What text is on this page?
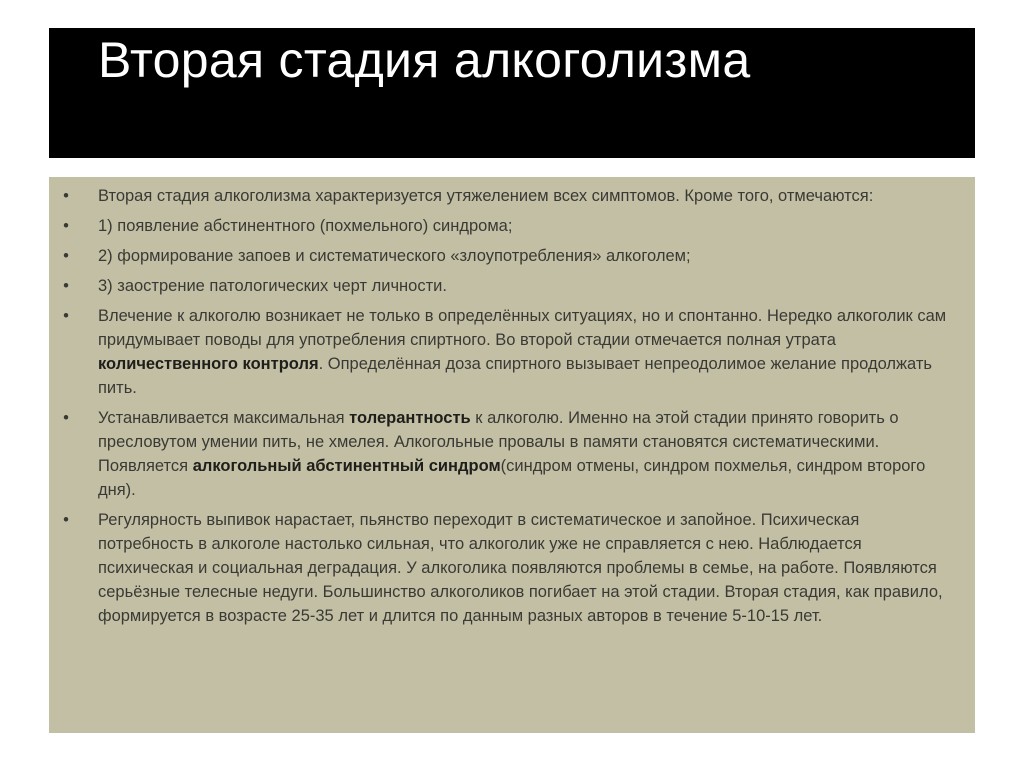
Вторая стадия алкоголизма
• Вторая стадия алкоголизма характеризуется утяжелением всех симптомов. Кроме того, отмечаются:
• 1) появление абстинентного (похмельного) синдрома;
• 2) формирование запоев и систематического «злоупотребления» алкоголем;
• 3) заострение патологических черт личности.
• Влечение к алкоголю возникает не только в определённых ситуациях, но и спонтанно. Нередко алкоголик сам придумывает поводы для употребления спиртного. Во второй стадии отмечается полная утрата количественного контроля. Определённая доза спиртного вызывает непреодолимое желание продолжать пить.
• Устанавливается максимальная толерантность к алкоголю. Именно на этой стадии принято говорить о пресловутом умении пить, не хмелея. Алкогольные провалы в памяти становятся систематическими. Появляется алкогольный абстинентный синдром(синдром отмены, синдром похмелья, синдром второго дня).
• Регулярность выпивок нарастает, пьянство переходит в систематическое и запойное. Психическая потребность в алкоголе настолько сильная, что алкоголик уже не справляется с нею. Наблюдается психическая и социальная деградация. У алкоголика появляются проблемы в семье, на работе. Появляются серьёзные телесные недуги. Большинство алкоголиков погибает на этой стадии. Вторая стадия, как правило, формируется в возрасте 25-35 лет и длится по данным разных авторов в течение 5-10-15 лет.
